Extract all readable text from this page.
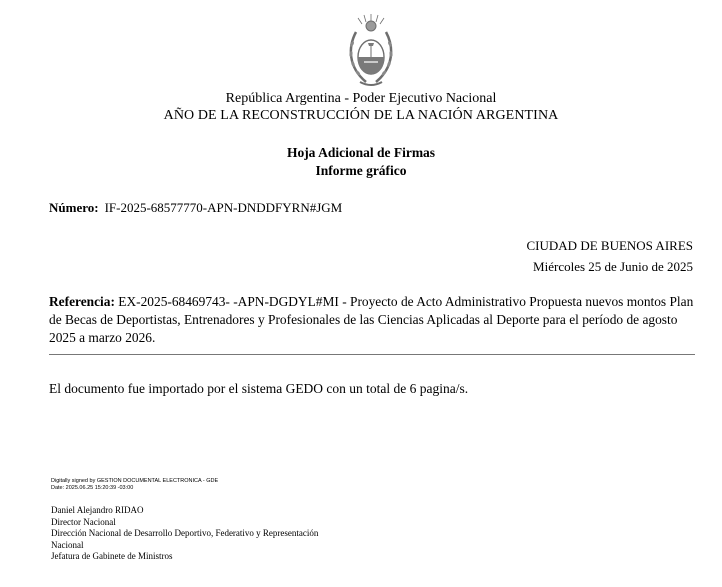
República Argentina - Poder Ejecutivo Nacional
AÑO DE LA RECONSTRUCCIÓN DE LA NACIÓN ARGENTINA
Hoja Adicional de Firmas
Informe gráfico
Número: IF-2025-68577770-APN-DNDDFYRN#JGM
CIUDAD DE BUENOS AIRES
Miércoles 25 de Junio de 2025
Referencia: EX-2025-68469743- -APN-DGDYL#MI - Proyecto de Acto Administrativo Propuesta nuevos montos Plan de Becas de Deportistas, Entrenadores y Profesionales de las Ciencias Aplicadas al Deporte para el período de agosto 2025 a marzo 2026.
El documento fue importado por el sistema GEDO con un total de 6 pagina/s.
Digitally signed by GESTION DOCUMENTAL ELECTRONICA - GDE
Date: 2025.06.25 15:20:39 -03:00
Daniel Alejandro RIDAO
Director Nacional
Dirección Nacional de Desarrollo Deportivo, Federativo y Representación
Nacional
Jefatura de Gabinete de Ministros
